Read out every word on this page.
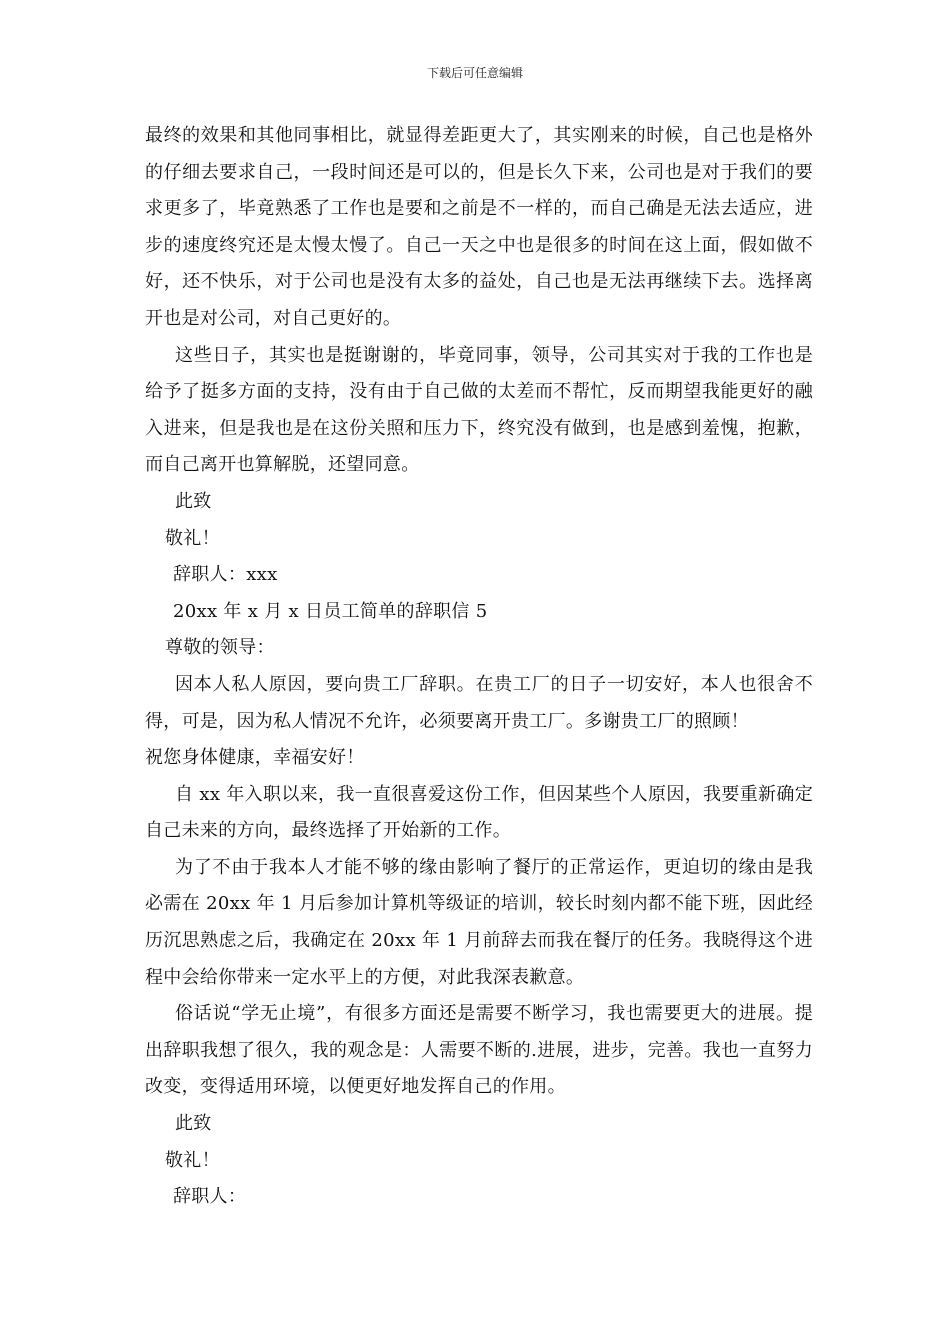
下载后可任意编辑

最终的效果和其他同事相比，就显得差距更大了，其实刚来的时候，自己也是格外的仔细去要求自己，一段时间还是可以的，但是长久下来，公司也是对于我们的要求更多了，毕竟熟悉了工作也是要和之前是不一样的，而自己确是无法去适应，进步的速度终究还是太慢太慢了。自己一天之中也是很多的时间在这上面，假如做不好，还不快乐，对于公司也是没有太多的益处，自己也是无法再继续下去。选择离开也是对公司，对自己更好的。

这些日子，其实也是挺谢谢的，毕竟同事，领导，公司其实对于我的工作也是给予了挺多方面的支持，没有由于自己做的太差而不帮忙，反而期望我能更好的融入进来，但是我也是在这份关照和压力下，终究没有做到，也是感到羞愧，抱歉，而自己离开也算解脱，还望同意。

此致

敬礼！

辞职人：xxx

20xx 年 x 月 x 日员工简单的辞职信 5

尊敬的领导：

因本人私人原因，要向贵工厂辞职。在贵工厂的日子一切安好，本人也很舍不得，可是，因为私人情况不允许，必须要离开贵工厂。多谢贵工厂的照顾！

祝您身体健康，幸福安好！

自 xx 年入职以来，我一直很喜爱这份工作，但因某些个人原因，我要重新确定自己未来的方向，最终选择了开始新的工作。

为了不由于我本人才能不够的缘由影响了餐厅的正常运作，更迫切的缘由是我必需在 20xx 年 1 月后参加计算机等级证的培训，较长时刻内都不能下班，因此经历沉思熟虑之后，我确定在 20xx 年 1 月前辞去而我在餐厅的任务。我晓得这个进程中会给你带来一定水平上的方便，对此我深表歉意。

俗话说“学无止境”，有很多方面还是需要不断学习，我也需要更大的进展。提出辞职我想了很久，我的观念是：人需要不断的.进展，进步，完善。我也一直努力改变，变得适用环境，以便更好地发挥自己的作用。

此致

敬礼！

辞职人：
